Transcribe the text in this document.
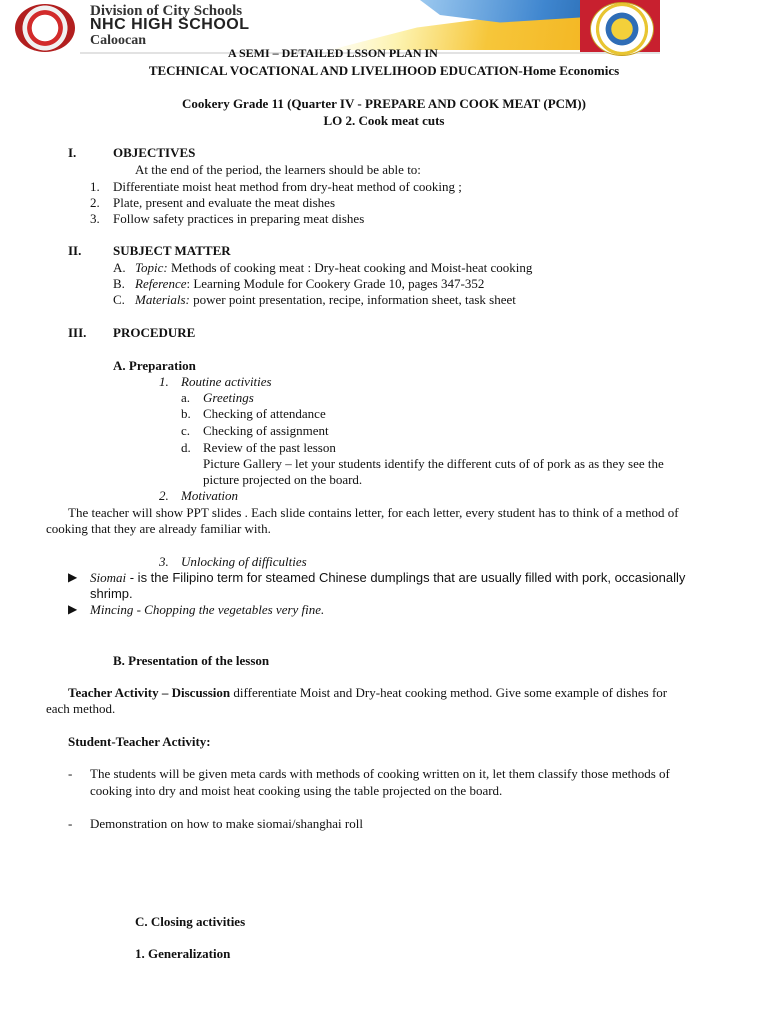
Division of City Schools
NHC HIGH SCHOOL
Caloocan
A SEMI – DETAILED LSSON PLAN IN
TECHNICAL VOCATIONAL AND LIVELIHOOD EDUCATION-Home Economics
Cookery Grade 11 (Quarter IV - PREPARE AND COOK MEAT (PCM))
LO 2. Cook meat cuts
I.	OBJECTIVES
At the end of the period, the learners should be able to:
1. Differentiate moist heat method from dry-heat method of cooking ;
2. Plate, present and evaluate the meat dishes
3. Follow safety practices in preparing meat dishes
II. SUBJECT MATTER
A. Topic: Methods of cooking meat : Dry-heat cooking and Moist-heat cooking
B. Reference: Learning Module for Cookery Grade 10, pages 347-352
C. Materials: power point presentation, recipe, information sheet, task sheet
III. PROCEDURE
A. Preparation
1. Routine activities
a. Greetings
b. Checking of attendance
c. Checking of assignment
d. Review of the past lesson
Picture Gallery – let your students identify the different cuts of of pork as as they see the
picture projected on the board.
2. Motivation
The teacher will show PPT slides . Each slide contains letter, for each letter, every student has to think of a method of
cooking that they are already familiar with.
3. Unlocking of difficulties
▶ Siomai - is the Filipino term for steamed Chinese dumplings that are usually filled with pork, occasionally
shrimp.
▶ Mincing - Chopping the vegetables very fine.
B. Presentation of the lesson
Teacher Activity – Discussion differentiate Moist and Dry-heat cooking method. Give some example of dishes for
each method.
Student-Teacher Activity:
- The students will be given meta cards with methods of cooking written on it, let them classify those methods of
cooking into dry and moist heat cooking using the table projected on the board.
- Demonstration on how to make siomai/shanghai roll
C. Closing activities
1. Generalization
